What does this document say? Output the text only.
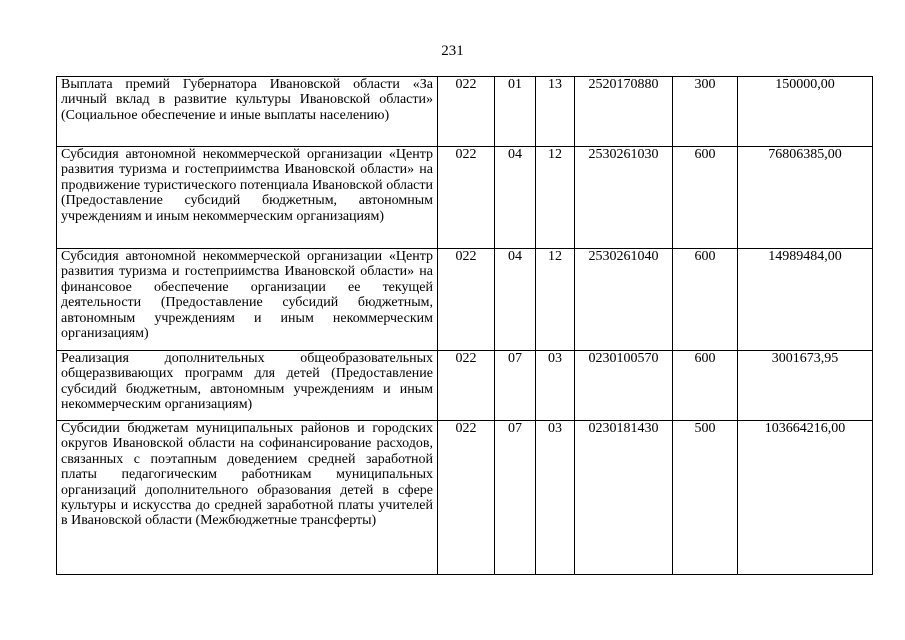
231
Выплата премий Губернатора Ивановской области «За личный вклад в развитие культуры Ивановской области» (Социальное обеспечение и иные выплаты населению)	022	01	13	2520170880	300	150000,00
Субсидия автономной некоммерческой организации «Центр развития туризма и гостеприимства Ивановской области» на продвижение туристического потенциала Ивановской области (Предоставление субсидий бюджетным, автономным учреждениям и иным некоммерческим организациям)	022	04	12	2530261030	600	76806385,00
Субсидия автономной некоммерческой организации «Центр развития туризма и гостеприимства Ивановской области» на финансовое обеспечение организации ее текущей деятельности (Предоставление субсидий бюджетным, автономным учреждениям и иным некоммерческим организациям)	022	04	12	2530261040	600	14989484,00
Реализация дополнительных общеобразовательных общеразвивающих программ для детей (Предоставление субсидий бюджетным, автономным учреждениям и иным некоммерческим организациям)	022	07	03	0230100570	600	3001673,95
Субсидии бюджетам муниципальных районов и городских округов Ивановской области на софинансирование расходов, связанных с поэтапным доведением средней заработной платы педагогическим работникам муниципальных организаций дополнительного образования детей в сфере культуры и искусства до средней заработной платы учителей в Ивановской области (Межбюджетные трансферты)	022	07	03	0230181430	500	103664216,00
